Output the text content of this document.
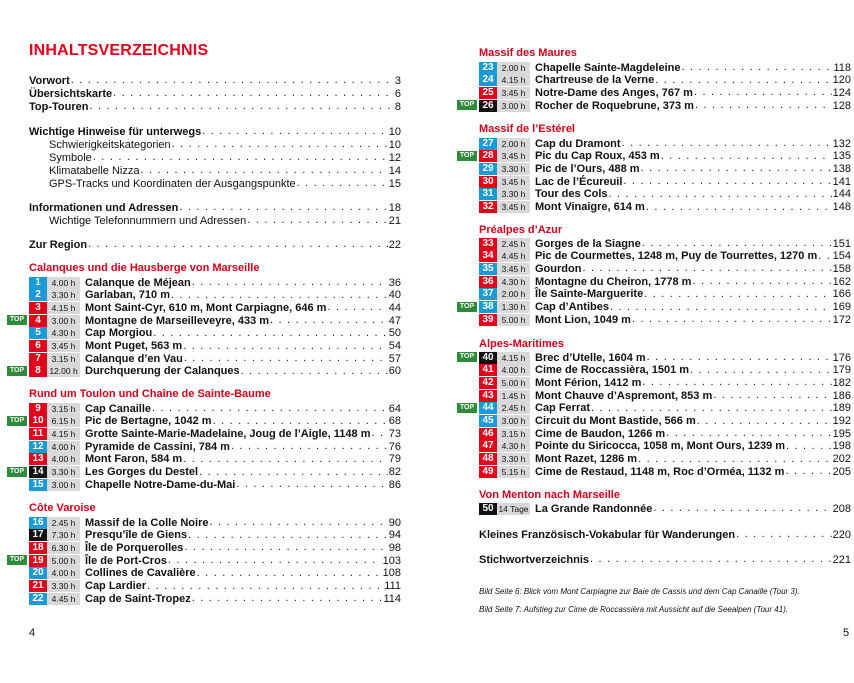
INHALTSVERZEICHNIS
Vorwort . . .	3
Übersichtskarte . . .	6
Top-Touren . . .	8
Wichtige Hinweise für unterwegs . . .	10
Schwierigkeitskategorien . . .	10
Symbole . . .	12
Klimatabelle Nizza . . .	14
GPS-Tracks und Koordinaten der Ausgangspunkte . . .	15
Informationen und Adressen . . .	18
Wichtige Telefonnummern und Adressen . . .	21
Zur Region . . .	22
Calanques und die Hausberge von Marseille
1	4.00 h Calanque de Méjean . . .	36
2	3.30 h Garlaban, 710 m . . .	40
3	4.15 h Mont Saint-Cyr, 610 m, Mont Carpiagne, 646 m . . .	44
TOP	4	3.00 h Montagne de Marseilleveyre, 433 m . . .	47
5	4.30 h Cap Morgiou . . .	50
6	3.45 h Mont Puget, 563 m . . .	54
7	3.15 h Calanque d’en Vau . . .	57
TOP	8	12.00 h Durchquerung der Calanques . . .	60
Rund um Toulon und Chaîne de Sainte-Baume
9	3.15 h Cap Canaille . . .	64
TOP 10 6.15 h Pic de Bertagne, 1042 m . . .	68
11 4.15 h Grotte Sainte-Marie-Madelaine, Joug de l’Aigle, 1148 m . . . 73
12 4.00 h Pyramide de Cassini, 784 m . . .	76
13 4.00 h Mont Faron, 584 m . . .	79
TOP 14 3.30 h Les Gorges du Destel . . .	82
15 3.00 h Chapelle Notre-Dame-du-Mai . . .	86
Côte Varoise
16 2.45 h Massif de la Colle Noire . . .	90
17 7.30 h Presqu’île de Giens . . .	94
18 6.30 h Île de Porquerolles . . .	98
TOP 19 5.00 h Île de Port-Cros . . .	103
20 4.00 h Collines de Cavalière . . .	108
21 3.30 h Cap Lardier . . .	111
22 4.45 h Cap de Saint-Tropez . . .	114
Massif des Maures
23 2.00 h Chapelle Sainte-Magdeleine . . .	118
24 4.15 h Chartreuse de la Verne . . .	120
25 3.45 h Notre-Dame des Anges, 767 m . . .	124
TOP 26 3.00 h Rocher de Roquebrune, 373 m . . .	128
Massif de l’Estérel
27 2.00 h Cap du Dramont . . .	132
TOP 28 3.45 h Pic du Cap Roux, 453 m . . .	135
29 3.30 h Pic de l’Ours, 488 m . . .	138
30 3.45 h Lac de l’Écureuil . . .	141
31 3.30 h Tour des Cols . . .	144
32 3.45 h Mont Vinaigre, 614 m . . .	148
Préalpes d’Azur
33 2.45 h Gorges de la Siagne . . .	151
34 4.45 h Pic de Courmettes, 1248 m, Puy de Tourrettes, 1270 m . . . 154
35 3.45 h Gourdon . . .	158
36 4.30 h Montagne du Cheiron, 1778 m . . .	162
37 2.00 h Île Sainte-Marguerite . . .	166
TOP 38 1.30 h Cap d’Antibes . . .	169
39 5.00 h Mont Lion, 1049 m . . .	172
Alpes-Maritimes
TOP 40 4.15 h Brec d’Utelle, 1604 m . . .	176
41 4.00 h Cime de Roccassièra, 1501 m . . .	179
42 5.00 h Mont Férion, 1412 m . . .	182
43 1.45 h Mont Chauve d’Aspremont, 853 m . . .	186
TOP 44 2.45 h Cap Ferrat . . .	189
45 3.00 h Circuit du Mont Bastide, 566 m . . .	192
46 3.15 h Cime de Baudon, 1266 m . . .	195
47 4.30 h Pointe du Siricocca, 1058 m, Mont Ours, 1239 m . . .	198
48 3.30 h Mont Razet, 1286 m . . .	202
49 5.15 h Cime de Restaud, 1148 m, Roc d’Orméa, 1132 m . . .	205
Von Menton nach Marseille
50 14 Tage La Grande Randonnée . . .	208
Kleines Französisch-Vokabular für Wanderungen . . .	220
Stichwortverzeichnis . . .	221
Bild Seite 6: Blick vom Mont Carpiagne zur Baie de Cassis und dem Cap Canaille (Tour 3).
Bild Seite 7: Aufstieg zur Cime de Roccassièra mit Aussicht auf die Seealpen (Tour 41).
4	5
